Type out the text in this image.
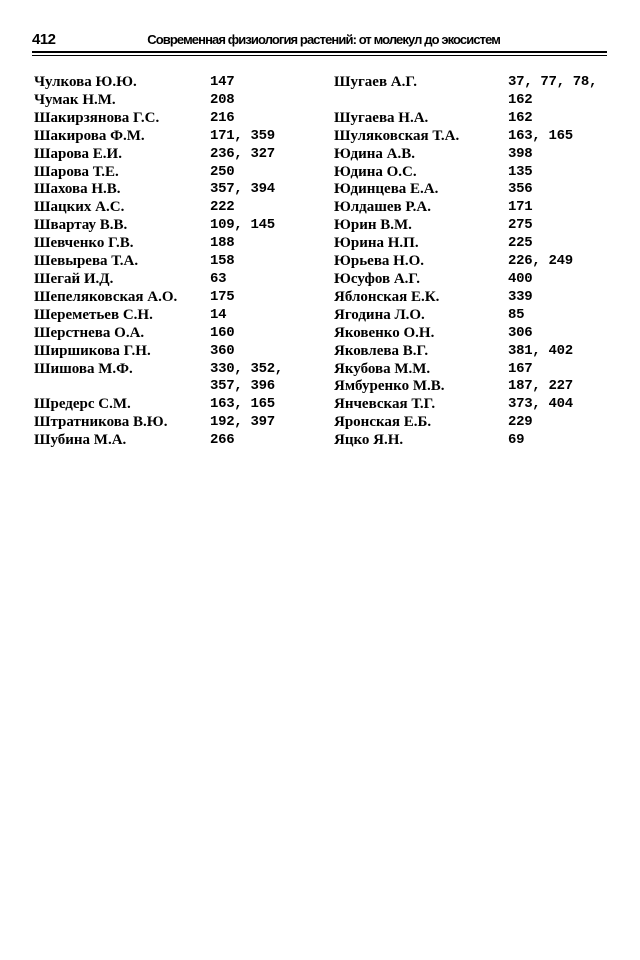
412	Современная физиология растений: от молекул до экосистем
Чулкова Ю.Ю.	147
Чумак Н.М.	208
Шакирзянова Г.С.	216
Шакирова Ф.М.	171, 359
Шарова Е.И.	236, 327
Шарова Т.Е.	250
Шахова Н.В.	357, 394
Шацких А.С.	222
Швартау В.В.	109, 145
Шевченко Г.В.	188
Шевырева Т.А.	158
Шегай И.Д.	63
Шепеляковская А.О. 175
Шереметьев С.Н.	14
Шерстнева О.А.	160
Ширшикова Г.Н.	360
Шишова М.Ф.	330, 352, 357, 396
Шредерс С.М.	163, 165
Штратникова В.Ю.	192, 397
Шубина М.А.	266
Шугаев А.Г.	37, 77, 78, 162
Шугаева Н.А.	162
Шуляковская Т.А.	163, 165
Юдина А.В.	398
Юдина О.С.	135
Юдинцева Е.А.	356
Юлдашев Р.А.	171
Юрин В.М.	275
Юрина Н.П.	225
Юрьева Н.О.	226, 249
Юсуфов А.Г.	400
Яблонская Е.К.	339
Ягодина Л.О.	85
Яковенко О.Н.	306
Яковлева В.Г.	381, 402
Якубова М.М.	167
Ямбуренко М.В.	187, 227
Янчевская Т.Г.	373, 404
Яронская Е.Б.	229
Яцко Я.Н.	69
